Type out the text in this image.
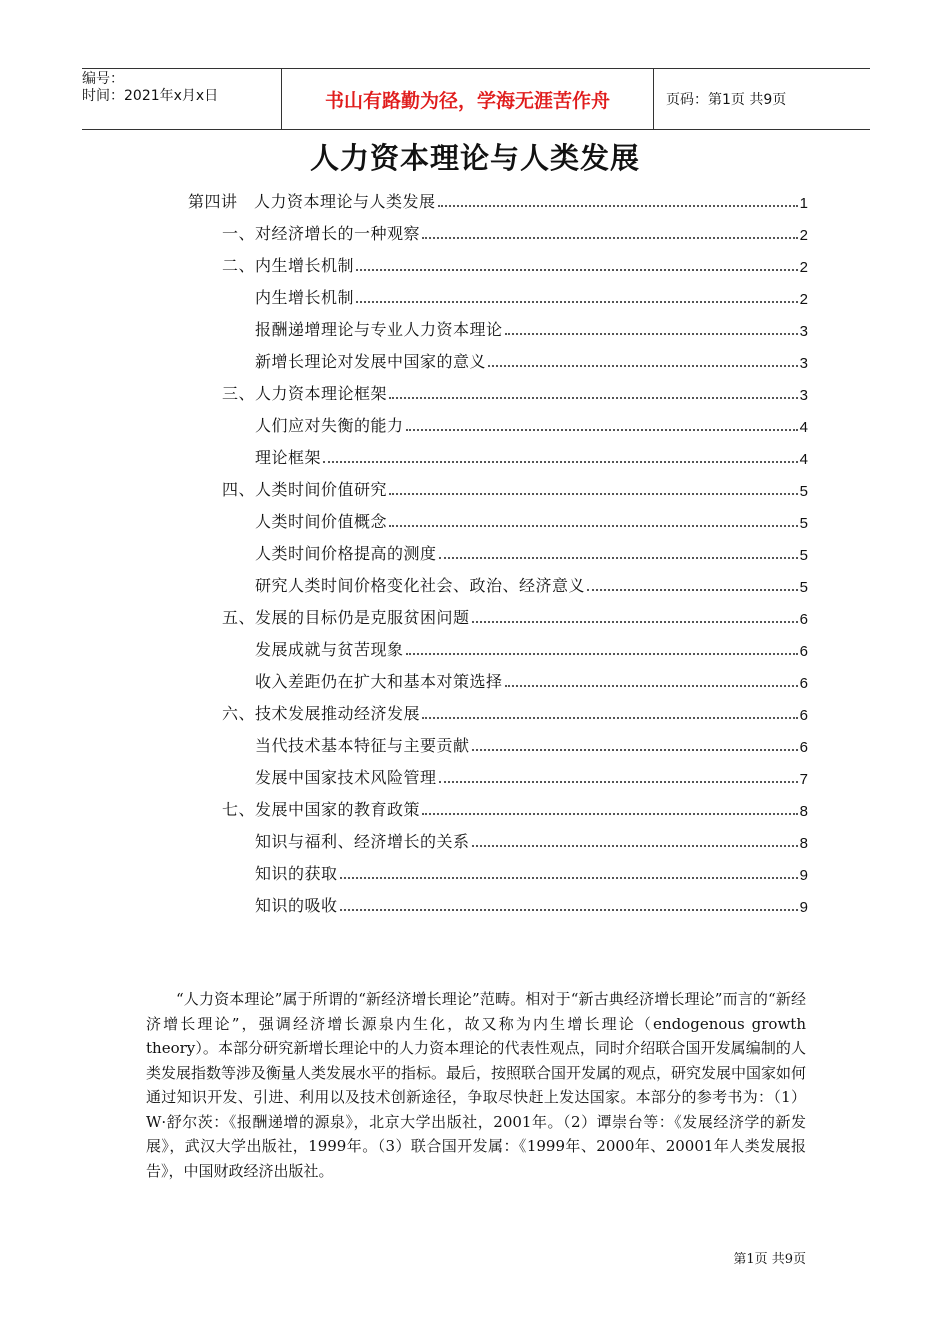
编号：
时间：2021年x月x日	书山有路勤为径，学海无涯苦作舟	页码：第1页 共9页
人力资本理论与人类发展
第四讲　人力资本理论与人类发展	1
一、对经济增长的一种观察	2
二、内生增长机制	2
内生增长机制	2
报酬递增理论与专业人力资本理论	3
新增长理论对发展中国家的意义	3
三、人力资本理论框架	3
人们应对失衡的能力	4
理论框架	4
四、人类时间价值研究	5
人类时间价值概念	5
人类时间价格提高的测度	5
研究人类时间价格变化社会、政治、经济意义	5
五、发展的目标仍是克服贫困问题	6
发展成就与贫苦现象	6
收入差距仍在扩大和基本对策选择	6
六、技术发展推动经济发展	6
当代技术基本特征与主要贡献	6
发展中国家技术风险管理	7
七、发展中国家的教育政策	8
知识与福利、经济增长的关系	8
知识的获取	9
知识的吸收	9

“人力资本理论”属于所谓的“新经济增长理论”范畴。相对于“新古典经济增长理论”而言的“新经济增长理论”，强调经济增长源泉内生化，故又称为内生增长理论（endogenous growth theory）。本部分研究新增长理论中的人力资本理论的代表性观点，同时介绍联合国开发属编制的人类发展指数等涉及衡量人类发展水平的指标。最后，按照联合国开发属的观点，研究发展中国家如何通过知识开发、引进、利用以及技术创新途径，争取尽快赶上发达国家。本部分的参考书为：（1）W·舒尔茨：《报酬递增的源泉》，北京大学出版社，2001年。（2）谭崇台等：《发展经济学的新发展》，武汉大学出版社，1999年。（3）联合国开发属：《1999年、2000年、20001年人类发展报告》，中国财政经济出版社。

第1页 共9页
